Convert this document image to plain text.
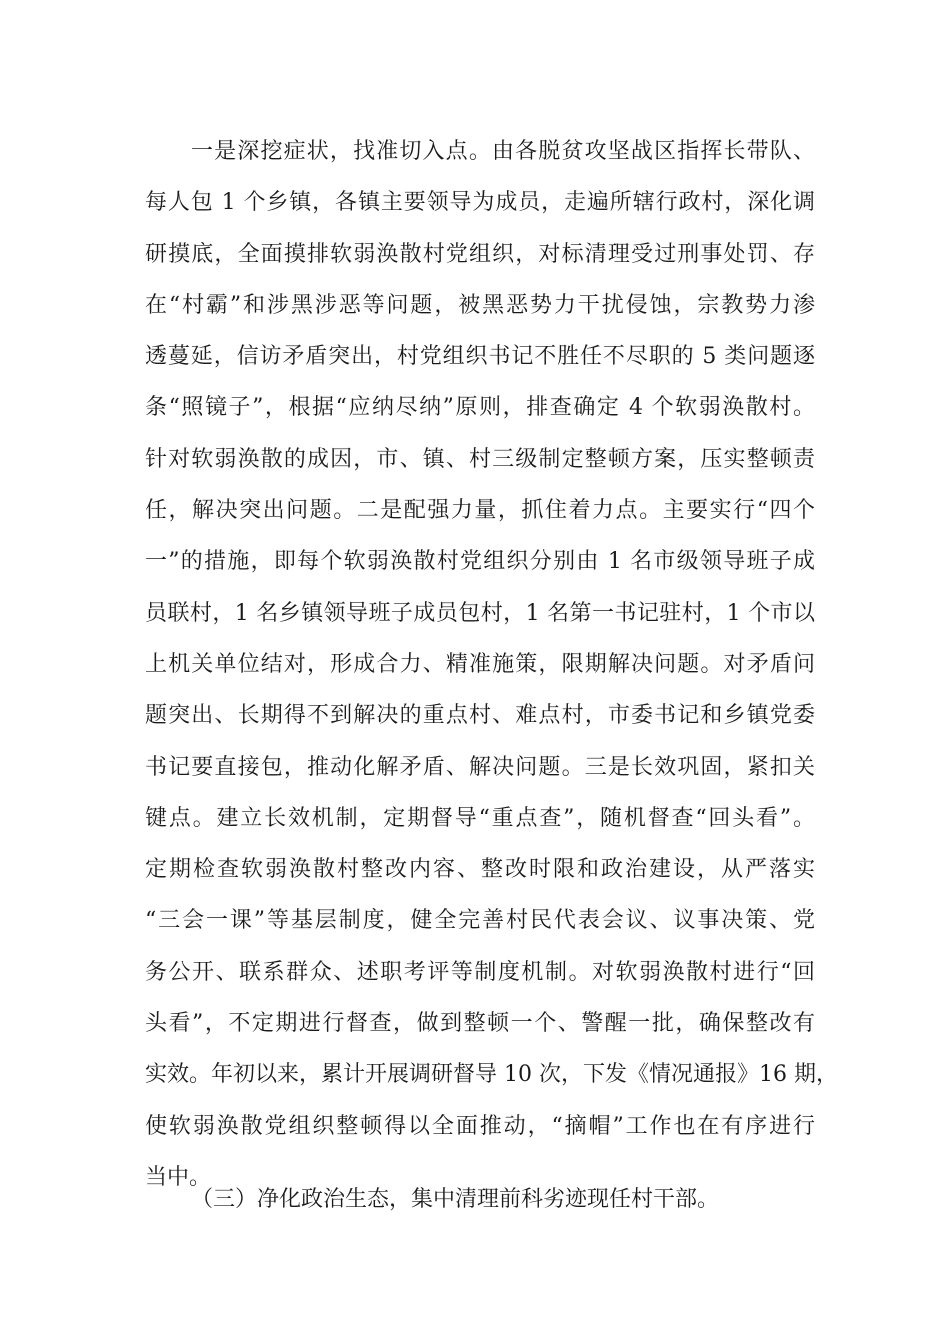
一是深挖症状，找准切入点。由各脱贫攻坚战区指挥长带队、
每人包 1 个乡镇，各镇主要领导为成员，走遍所辖行政村，深化调
研摸底，全面摸排软弱涣散村党组织，对标清理受过刑事处罚、存
在“村霸”和涉黑涉恶等问题，被黑恶势力干扰侵蚀，宗教势力渗
透蔓延，信访矛盾突出，村党组织书记不胜任不尽职的 5 类问题逐
条“照镜子”，根据“应纳尽纳”原则，排查确定 4 个软弱涣散村。
针对软弱涣散的成因，市、镇、村三级制定整顿方案，压实整顿责
任，解决突出问题。二是配强力量，抓住着力点。主要实行“四个
一”的措施，即每个软弱涣散村党组织分别由 1 名市级领导班子成
员联村，1 名乡镇领导班子成员包村，1 名第一书记驻村，1 个市以
上机关单位结对，形成合力、精准施策，限期解决问题。对矛盾问
题突出、长期得不到解决的重点村、难点村，市委书记和乡镇党委
书记要直接包，推动化解矛盾、解决问题。三是长效巩固，紧扣关
键点。建立长效机制，定期督导“重点查”，随机督查“回头看”。
定期检查软弱涣散村整改内容、整改时限和政治建设，从严落实
“三会一课”等基层制度，健全完善村民代表会议、议事决策、党
务公开、联系群众、述职考评等制度机制。对软弱涣散村进行“回
头看”，不定期进行督查，做到整顿一个、警醒一批，确保整改有
实效。年初以来，累计开展调研督导 10 次，下发《情况通报》16 期，
使软弱涣散党组织整顿得以全面推动，“摘帽”工作也在有序进行
当中。
（三）净化政治生态，集中清理前科劣迹现任村干部。
